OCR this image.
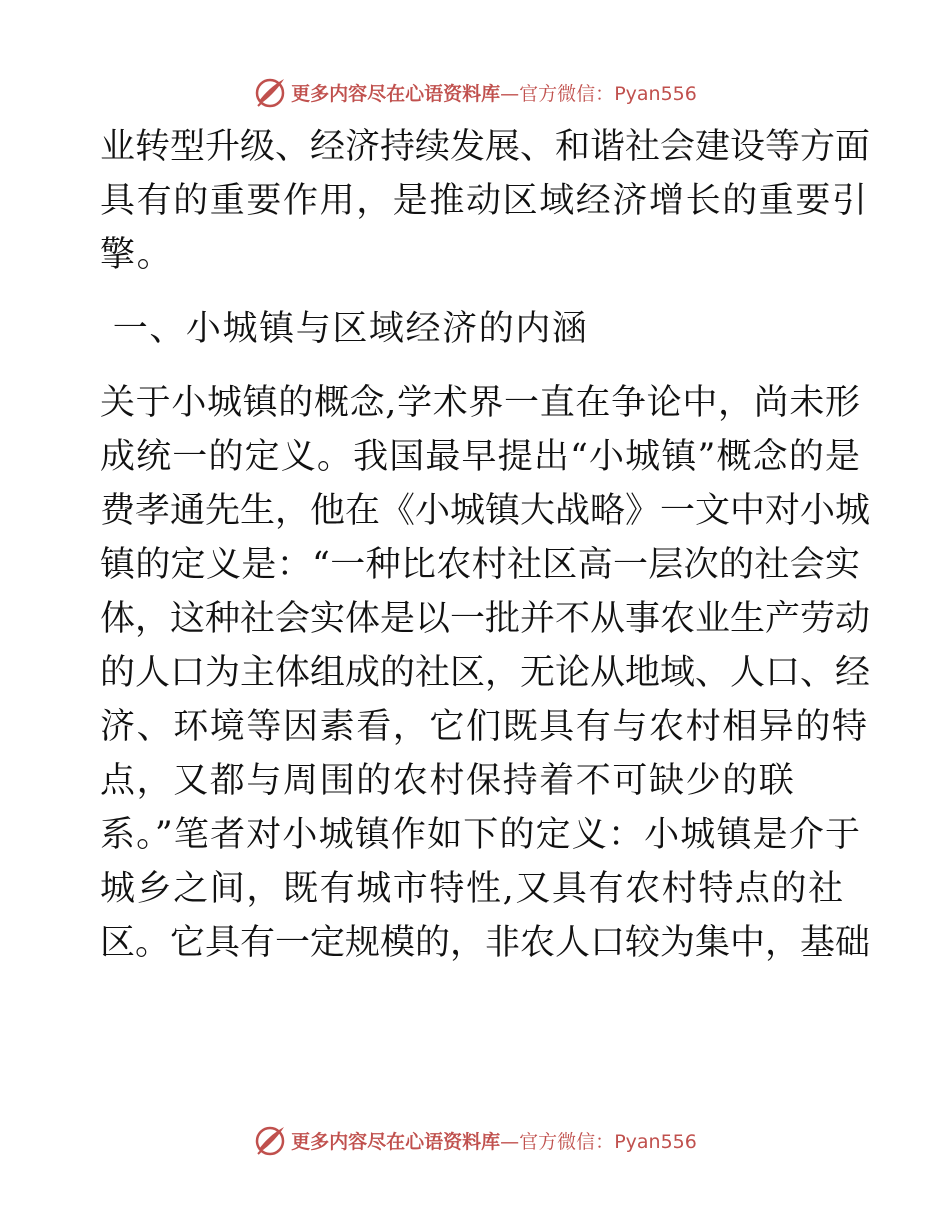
更多内容尽在心语资料库—官方微信：Pyan556
业转型升级、经济持续发展、和谐社会建设等方面
具有的重要作用，是推动区域经济增长的重要引
擎。
一、小城镇与区域经济的内涵
关于小城镇的概念,学术界一直在争论中，尚未形
成统一的定义。我国最早提出“小城镇”概念的是
费孝通先生，他在《小城镇大战略》一文中对小城
镇的定义是：“一种比农村社区高一层次的社会实
体，这种社会实体是以一批并不从事农业生产劳动
的人口为主体组成的社区，无论从地域、人口、经
济、环境等因素看，它们既具有与农村相异的特
点，又都与周围的农村保持着不可缺少的联
系。”笔者对小城镇作如下的定义：小城镇是介于
城乡之间，既有城市特性,又具有农村特点的社
区。它具有一定规模的，非农人口较为集中，基础
更多内容尽在心语资料库—官方微信：Pyan556
